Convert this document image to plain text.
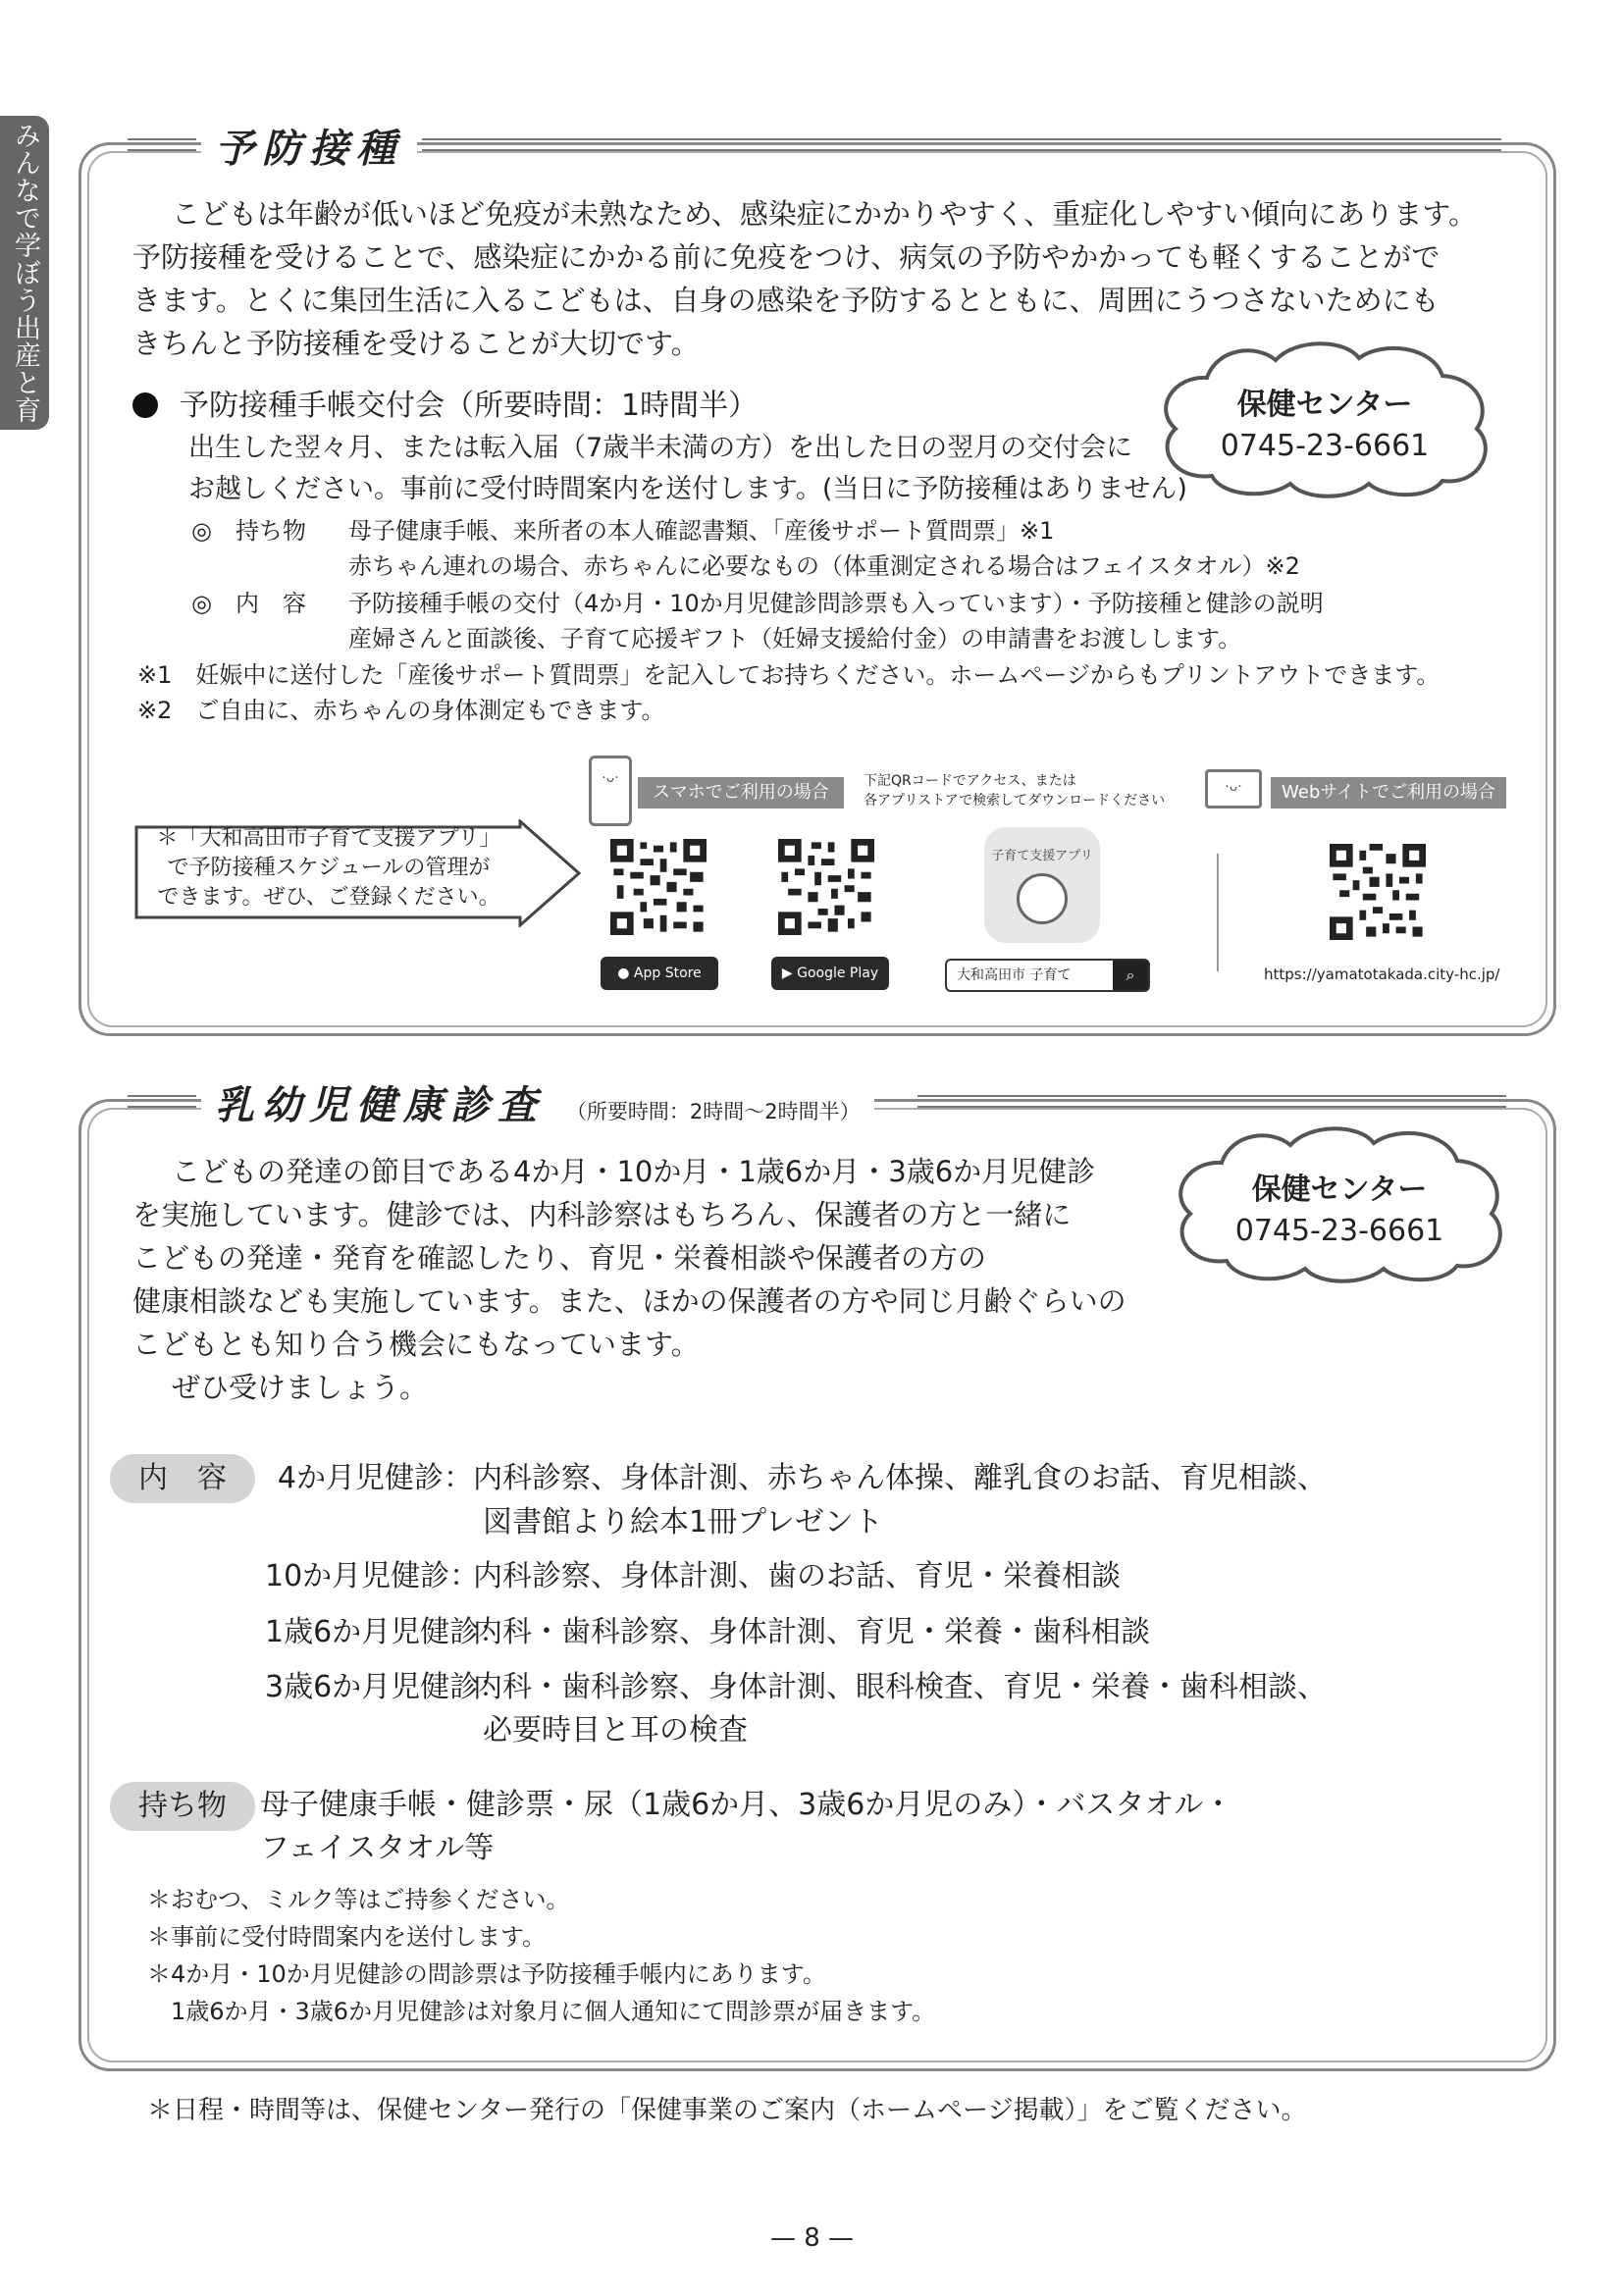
みんなで学ぼう出産と育
予防接種
こどもは年齢が低いほど免疫が未熟なため、感染症にかかりやすく、重症化しやすい傾向にあります。
予防接種を受けることで、感染症にかかる前に免疫をつけ、病気の予防やかかっても軽くすることがで
きます。とくに集団生活に入るこどもは、自身の感染を予防するとともに、周囲にうつさないためにも
きちんと予防接種を受けることが大切です。
保健センター
0745-23-6661
予防接種手帳交付会（所要時間：1時間半）
出生した翌々月、または転入届（7歳半未満の方）を出した日の翌月の交付会に
お越しください。事前に受付時間案内を送付します。(当日に予防接種はありません)
◎　持ち物 母子健康手帳、来所者の本人確認書類、「産後サポート質問票」※1
赤ちゃん連れの場合、赤ちゃんに必要なもの（体重測定される場合はフェイスタオル）※2
◎　内　容 予防接種手帳の交付（4か月・10か月児健診問診票も入っています）・予防接種と健診の説明
産婦さんと面談後、子育て応援ギフト（妊婦支援給付金）の申請書をお渡しします。
※1　妊娠中に送付した「産後サポート質問票」を記入してお持ちください。ホームページからもプリントアウトできます。
※2　ご自由に、赤ちゃんの身体測定もできます。
＊「大和高田市子育て支援アプリ」
で予防接種スケジュールの管理が
できます。ぜひ、ご登録ください。
·ᴗ·
スマホでご利用の場合
下記QRコードでアクセス、または
各アプリストアで検索してダウンロードください
·ᴗ·	Webサイトでご利用の場合
子育て支援アプリ
● App Store	▶ Google Play	大和高田市 子育て	⌕	https://yamatotakada.city-hc.jp/
乳幼児健康診査 （所要時間：2時間〜2時間半）
こどもの発達の節目である4か月・10か月・1歳6か月・3歳6か月児健診
を実施しています。健診では、内科診察はもちろん、保護者の方と一緒に
こどもの発達・発育を確認したり、育児・栄養相談や保護者の方の
健康相談なども実施しています。また、ほかの保護者の方や同じ月齢ぐらいの
こどもとも知り合う機会にもなっています。
ぜひ受けましょう。
保健センター
0745-23-6661
内　容	4か月児健診：内科診察、身体計測、赤ちゃん体操、離乳食のお話、育児相談、
図書館より絵本1冊プレゼント
10か月児健診：内科診察、身体計測、歯のお話、育児・栄養相談
1歳6か月児健診：内科・歯科診察、身体計測、育児・栄養・歯科相談
3歳6か月児健診：内科・歯科診察、身体計測、眼科検査、育児・栄養・歯科相談、
必要時目と耳の検査
持ち物	母子健康手帳・健診票・尿（1歳6か月、3歳6か月児のみ）・バスタオル・
フェイスタオル等
＊おむつ、ミルク等はご持参ください。
＊事前に受付時間案内を送付します。
＊4か月・10か月児健診の問診票は予防接種手帳内にあります。
　1歳6か月・3歳6か月児健診は対象月に個人通知にて問診票が届きます。
＊日程・時間等は、保健センター発行の「保健事業のご案内（ホームページ掲載）」をご覧ください。
— 8 —
